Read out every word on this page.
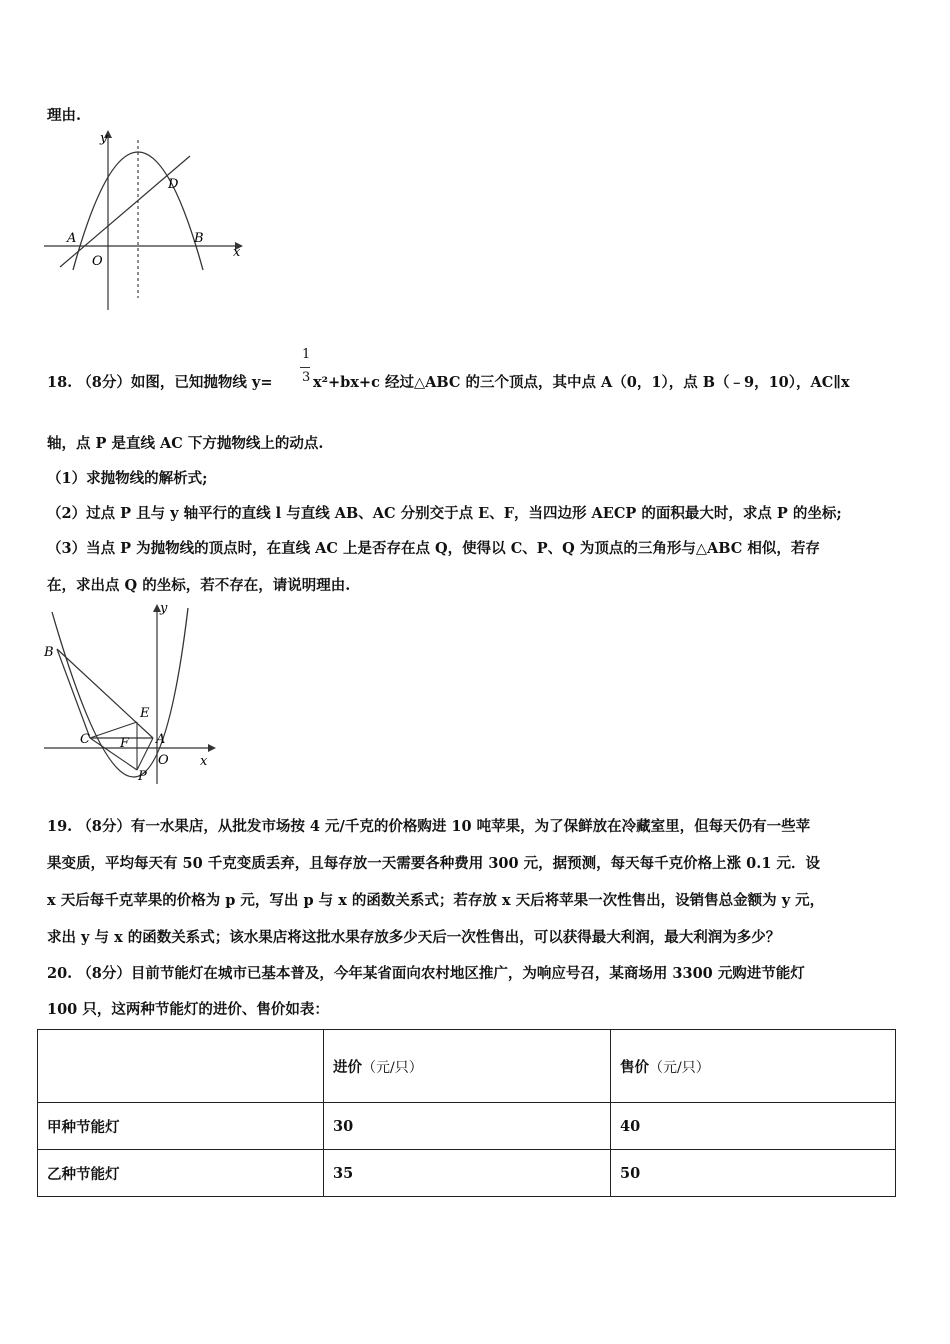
理由.
y
x
A
O
B
D
1
3
18. （8分）如图，已知抛物线 y=	x²+bx+c 经过△ABC 的三个顶点，其中点 A（0，1），点 B（﹣9，10），AC∥x
轴，点 P 是直线 AC 下方抛物线上的动点.
（1）求抛物线的解析式;
（2）过点 P 且与 y 轴平行的直线 l 与直线 AB、AC 分别交于点 E、F，当四边形 AECP 的面积最大时，求点 P 的坐标;
（3）当点 P 为抛物线的顶点时，在直线 AC 上是否存在点 Q，使得以 C、P、Q 为顶点的三角形与△ABC 相似，若存
在，求出点 Q 的坐标，若不存在，请说明理由.
y
x
B
E
C F A
O
P
19. （8分）有一水果店，从批发市场按 4 元/千克的价格购进 10 吨苹果，为了保鲜放在冷藏室里，但每天仍有一些苹
果变质，平均每天有 50 千克变质丢弃，且每存放一天需要各种费用 300 元，据预测，每天每千克价格上涨 0.1 元．设
x 天后每千克苹果的价格为 p 元，写出 p 与 x 的函数关系式；若存放 x 天后将苹果一次性售出，设销售总金额为 y 元，
求出 y 与 x 的函数关系式；该水果店将这批水果存放多少天后一次性售出，可以获得最大利润，最大利润为多少？
20. （8分）目前节能灯在城市已基本普及，今年某省面向农村地区推广，为响应号召，某商场用 3300 元购进节能灯
100 只，这两种节能灯的进价、售价如表：
	进价（元/只）	售价（元/只）
甲种节能灯	30	40
乙种节能灯	35	50
